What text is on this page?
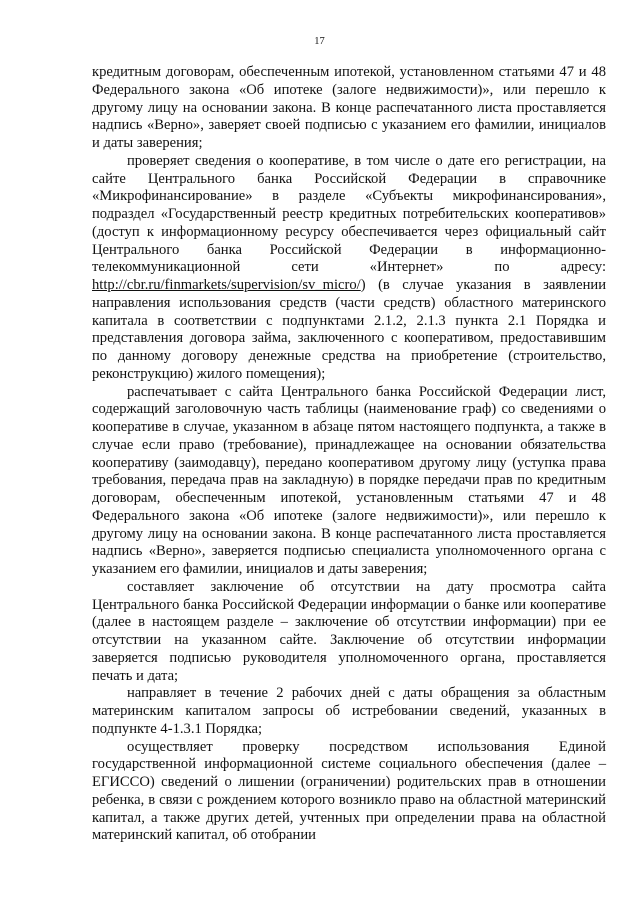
17

кредитным договорам, обеспеченным ипотекой, установленном статьями 47 и 48 Федерального закона «Об ипотеке (залоге недвижимости)», или перешло к другому лицу на основании закона. В конце распечатанного листа проставляется надпись «Верно», заверяет своей подписью с указанием его фамилии, инициалов и даты заверения;

проверяет сведения о кооперативе, в том числе о дате его регистрации, на сайте Центрального банка Российской Федерации в справочнике «Микрофинансирование» в разделе «Субъекты микрофинансирования», подраздел «Государственный реестр кредитных потребительских кооперативов» (доступ к информационному ресурсу обеспечивается через официальный сайт Центрального банка Российской Федерации в информационно-телекоммуникационной сети «Интернет» по адресу: http://cbr.ru/finmarkets/supervision/sv_micro/) (в случае указания в заявлении направления использования средств (части средств) областного материнского капитала в соответствии с подпунктами 2.1.2, 2.1.3 пункта 2.1 Порядка и представления договора займа, заключенного с кооперативом, предоставившим по данному договору денежные средства на приобретение (строительство, реконструкцию) жилого помещения);

распечатывает с сайта Центрального банка Российской Федерации лист, содержащий заголовочную часть таблицы (наименование граф) со сведениями о кооперативе в случае, указанном в абзаце пятом настоящего подпункта, а также в случае если право (требование), принадлежащее на основании обязательства кооперативу (заимодавцу), передано кооперативом другому лицу (уступка права требования, передача прав на закладную) в порядке передачи прав по кредитным договорам, обеспеченным ипотекой, установленным статьями 47 и 48 Федерального закона «Об ипотеке (залоге недвижимости)», или перешло к другому лицу на основании закона. В конце распечатанного листа проставляется надпись «Верно», заверяется подписью специалиста уполномоченного органа с указанием его фамилии, инициалов и даты заверения;

составляет заключение об отсутствии на дату просмотра сайта Центрального банка Российской Федерации информации о банке или кооперативе (далее в настоящем разделе – заключение об отсутствии информации) при ее отсутствии на указанном сайте. Заключение об отсутствии информации заверяется подписью руководителя уполномоченного органа, проставляется печать и дата;

направляет в течение 2 рабочих дней с даты обращения за областным материнским капиталом запросы об истребовании сведений, указанных в подпункте 4-1.3.1 Порядка;

осуществляет проверку посредством использования Единой государственной информационной системе социального обеспечения (далее – ЕГИССО) сведений о лишении (ограничении) родительских прав в отношении ребенка, в связи с рождением которого возникло право на областной материнский капитал, а также других детей, учтенных при определении права на областной материнский капитал, об отобрании
